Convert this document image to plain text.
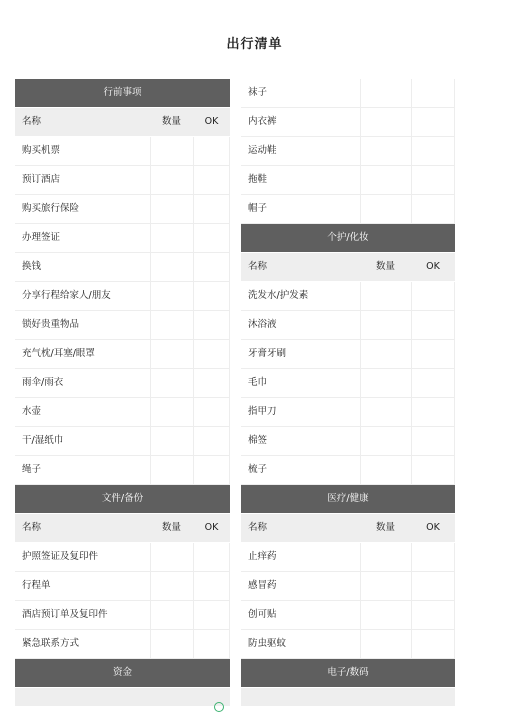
出行清单
行前事项
名称	数量	OK
购买机票
预订酒店
购买旅行保险
办理签证
换钱
分享行程给家人/朋友
锁好贵重物品
充气枕/耳塞/眼罩
雨伞/雨衣
水壶
干/湿纸巾
绳子
文件/备份
名称	数量	OK
护照签证及复印件
行程单
酒店预订单及复印件
紧急联系方式
资金
袜子
内衣裤
运动鞋
拖鞋
帽子
个护/化妆
名称	数量	OK
洗发水/护发素
沐浴液
牙膏牙刷
毛巾
指甲刀
棉签
梳子
医疗/健康
名称	数量	OK
止痒药
感冒药
创可贴
防虫驱蚊
电子/数码
